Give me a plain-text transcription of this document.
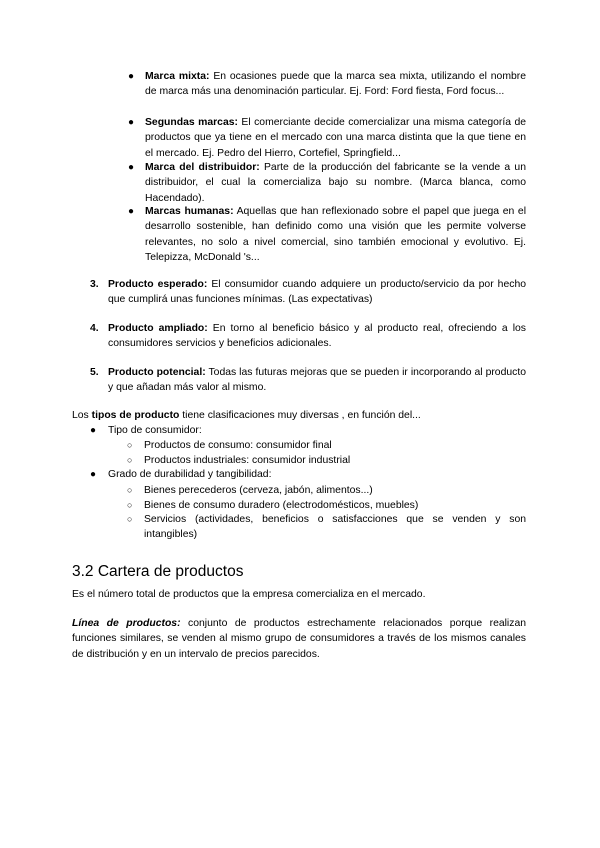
● Marca mixta: En ocasiones puede que la marca sea mixta, utilizando el nombre de marca más una denominación particular. Ej. Ford: Ford fiesta, Ford focus...

● Segundas marcas: El comerciante decide comercializar una misma categoría de productos que ya tiene en el mercado con una marca distinta que la que tiene en el mercado. Ej. Pedro del Hierro, Cortefiel, Springfield...

● Marca del distribuidor: Parte de la producción del fabricante se la vende a un distribuidor, el cual la comercializa bajo su nombre. (Marca blanca, como Hacendado).

● Marcas humanas: Aquellas que han reflexionado sobre el papel que juega en el desarrollo sostenible, han definido como una visión que les permite volverse relevantes, no solo a nivel comercial, sino también emocional y evolutivo. Ej. Telepizza, McDonald 's...

3. Producto esperado: El consumidor cuando adquiere un producto/servicio da por hecho que cumplirá unas funciones mínimas. (Las expectativas)

4. Producto ampliado: En torno al beneficio básico y al producto real, ofreciendo a los consumidores servicios y beneficios adicionales.

5. Producto potencial: Todas las futuras mejoras que se pueden ir incorporando al producto y que añadan más valor al mismo.

Los tipos de producto tiene clasificaciones muy diversas , en función del...

● Tipo de consumidor:

○ Productos de consumo: consumidor final

○ Productos industriales: consumidor industrial

● Grado de durabilidad y tangibilidad:

○ Bienes perecederos (cerveza, jabón, alimentos...)

○ Bienes de consumo duradero (electrodomésticos, muebles)

○ Servicios (actividades, beneficios o satisfacciones que se venden y son intangibles)

3.2 Cartera de productos

Es el número total de productos que la empresa comercializa en el mercado.

Línea de productos: conjunto de productos estrechamente relacionados porque realizan funciones similares, se venden al mismo grupo de consumidores a través de los mismos canales de distribución y en un intervalo de precios parecidos.
